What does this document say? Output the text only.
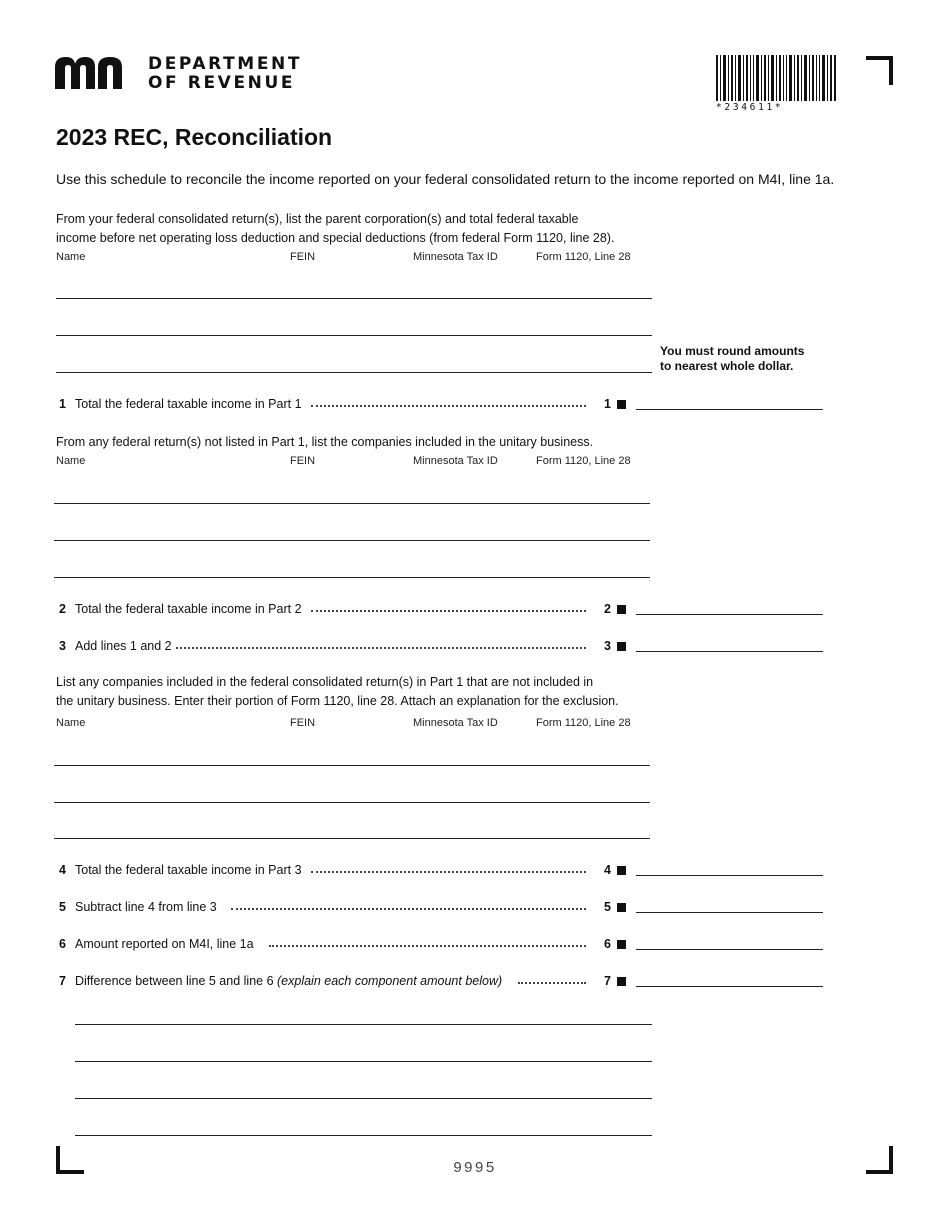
DEPARTMENT
OF REVENUE
*234611*
2023 REC, Reconciliation
Use this schedule to reconcile the income reported on your federal consolidated return to the income reported on M4I, line 1a.
From your federal consolidated return(s), list the parent corporation(s) and total federal taxable
income before net operating loss deduction and special deductions (from federal Form 1120, line 28).
Name	FEIN	Minnesota Tax ID	Form 1120, Line 28
You must round amounts
to nearest whole dollar.
1 Total the federal taxable income in Part 1	1
From any federal return(s) not listed in Part 1, list the companies included in the unitary business.
Name	FEIN	Minnesota Tax ID	Form 1120, Line 28
2 Total the federal taxable income in Part 2	2
3 Add lines 1 and 2	3
List any companies included in the federal consolidated return(s) in Part 1 that are not included in
the unitary business. Enter their portion of Form 1120, line 28. Attach an explanation for the exclusion.
Name	FEIN	Minnesota Tax ID	Form 1120, Line 28
4 Total the federal taxable income in Part 3	4
5 Subtract line 4 from line 3	5
6 Amount reported on M4I, line 1a	6
7 Difference between line 5 and line 6 (explain each component amount below)	7
9995
